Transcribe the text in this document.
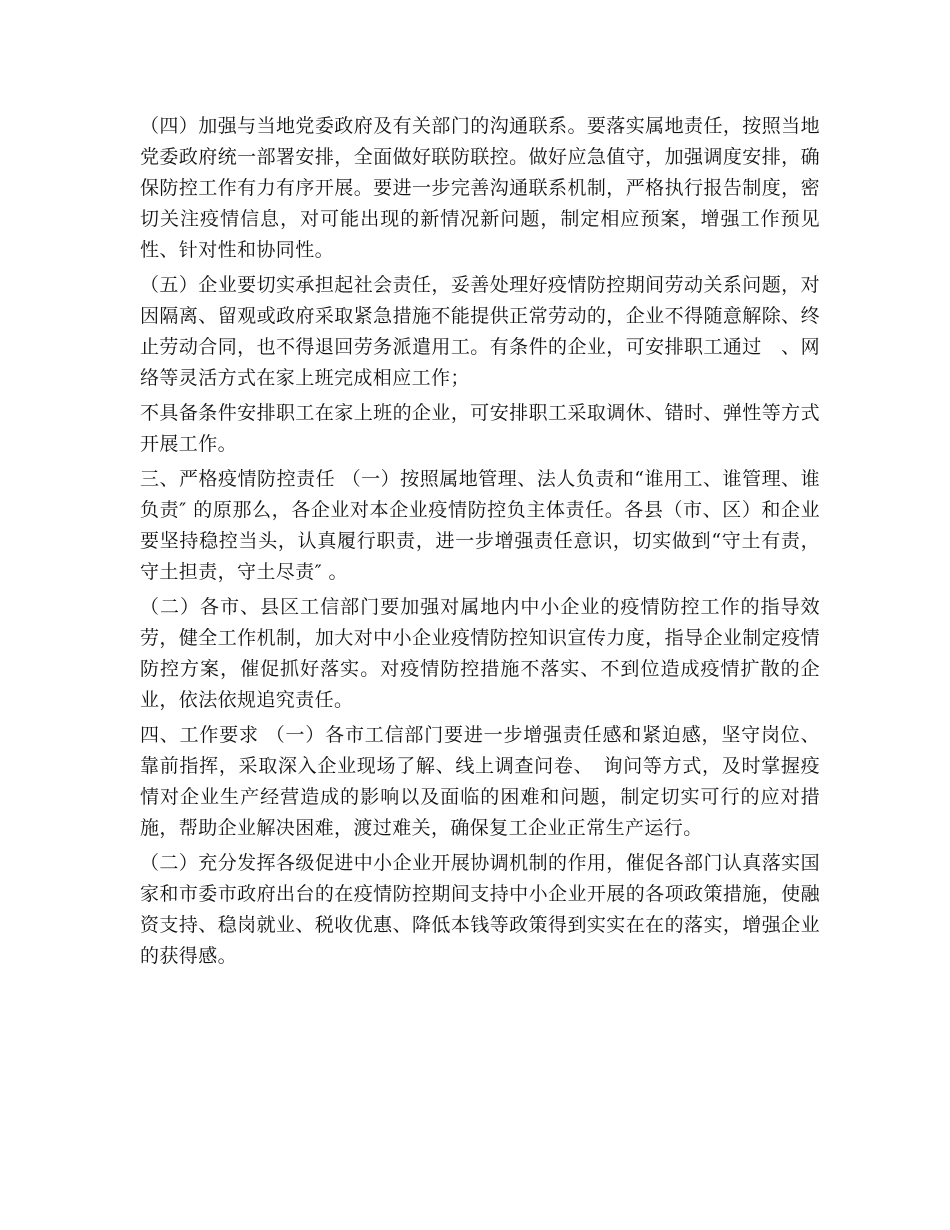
（四）加强与当地党委政府及有关部门的沟通联系。要落实属地责任，按照当地党委政府统一部署安排，全面做好联防联控。做好应急值守，加强调度安排，确保防控工作有力有序开展。要进一步完善沟通联系机制，严格执行报告制度，密切关注疫情信息，对可能出现的新情况新问题，制定相应预案，增强工作预见性、针对性和协同性。

（五）企业要切实承担起社会责任，妥善处理好疫情防控期间劳动关系问题，对因隔离、留观或政府采取紧急措施不能提供正常劳动的，企业不得随意解除、终止劳动合同，也不得退回劳务派遣用工。有条件的企业，可安排职工通过　、网络等灵活方式在家上班完成相应工作；

不具备条件安排职工在家上班的企业，可安排职工采取调休、错时、弹性等方式开展工作。

三、严格疫情防控责任 （一）按照属地管理、法人负责和“谁用工、谁管理、谁负责″ 的原那么，各企业对本企业疫情防控负主体责任。各县（市、区）和企业要坚持稳控当头，认真履行职责，进一步增强责任意识，切实做到“守土有责，守土担责，守土尽责″ 。

（二）各市、县区工信部门要加强对属地内中小企业的疫情防控工作的指导效劳，健全工作机制，加大对中小企业疫情防控知识宣传力度，指导企业制定疫情防控方案，催促抓好落实。对疫情防控措施不落实、不到位造成疫情扩散的企业，依法依规追究责任。

四、工作要求 （一）各市工信部门要进一步增强责任感和紧迫感，坚守岗位、靠前指挥，采取深入企业现场了解、线上调查问卷、　询问等方式，及时掌握疫情对企业生产经营造成的影响以及面临的困难和问题，制定切实可行的应对措施，帮助企业解决困难，渡过难关，确保复工企业正常生产运行。

（二）充分发挥各级促进中小企业开展协调机制的作用，催促各部门认真落实国家和市委市政府出台的在疫情防控期间支持中小企业开展的各项政策措施，使融资支持、稳岗就业、税收优惠、降低本钱等政策得到实实在在的落实，增强企业的获得感。
